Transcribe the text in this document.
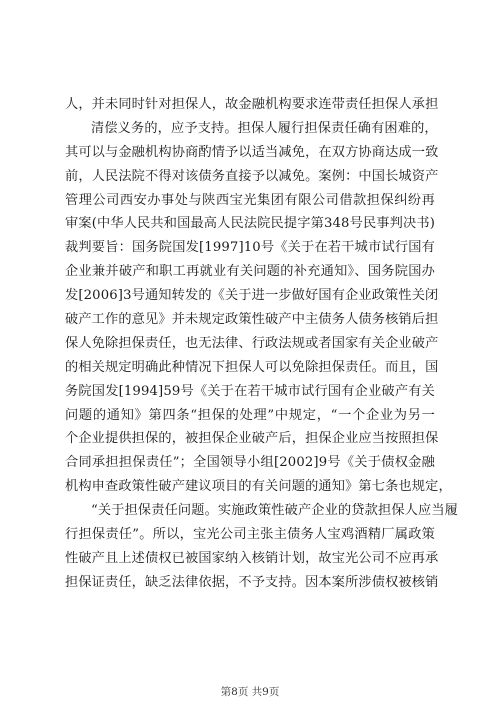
人，并未同时针对担保人，故金融机构要求连带责任担保人承担
清偿义务的，应予支持。担保人履行担保责任确有困难的，
其可以与金融机构协商酌情予以适当减免，在双方协商达成一致
前，人民法院不得对该债务直接予以减免。案例：中国长城资产
管理公司西安办事处与陕西宝光集团有限公司借款担保纠纷再
审案(中华人民共和国最高人民法院民提字第348号民事判决书)
裁判要旨：国务院国发[1997]10号《关于在若干城市试行国有
企业兼并破产和职工再就业有关问题的补充通知》、国务院国办
发[2006]3号通知转发的《关于进一步做好国有企业政策性关闭
破产工作的意见》并未规定政策性破产中主债务人债务核销后担
保人免除担保责任，也无法律、行政法规或者国家有关企业破产
的相关规定明确此种情况下担保人可以免除担保责任。而且，国
务院国发[1994]59号《关于在若干城市试行国有企业破产有关
问题的通知》第四条“担保的处理”中规定，“一个企业为另一
个企业提供担保的，被担保企业破产后，担保企业应当按照担保
合同承担担保责任”；全国领导小组[2002]9号《关于债权金融
机构申查政策性破产建议项目的有关问题的通知》第七条也规定，
“关于担保责任问题。实施政策性破产企业的贷款担保人应当履
行担保责任”。所以，宝光公司主张主债务人宝鸡酒精厂属政策
性破产且上述债权已被国家纳入核销计划，故宝光公司不应再承
担保证责任，缺乏法律依据，不予支持。因本案所涉债权被核销
第8页 共9页
